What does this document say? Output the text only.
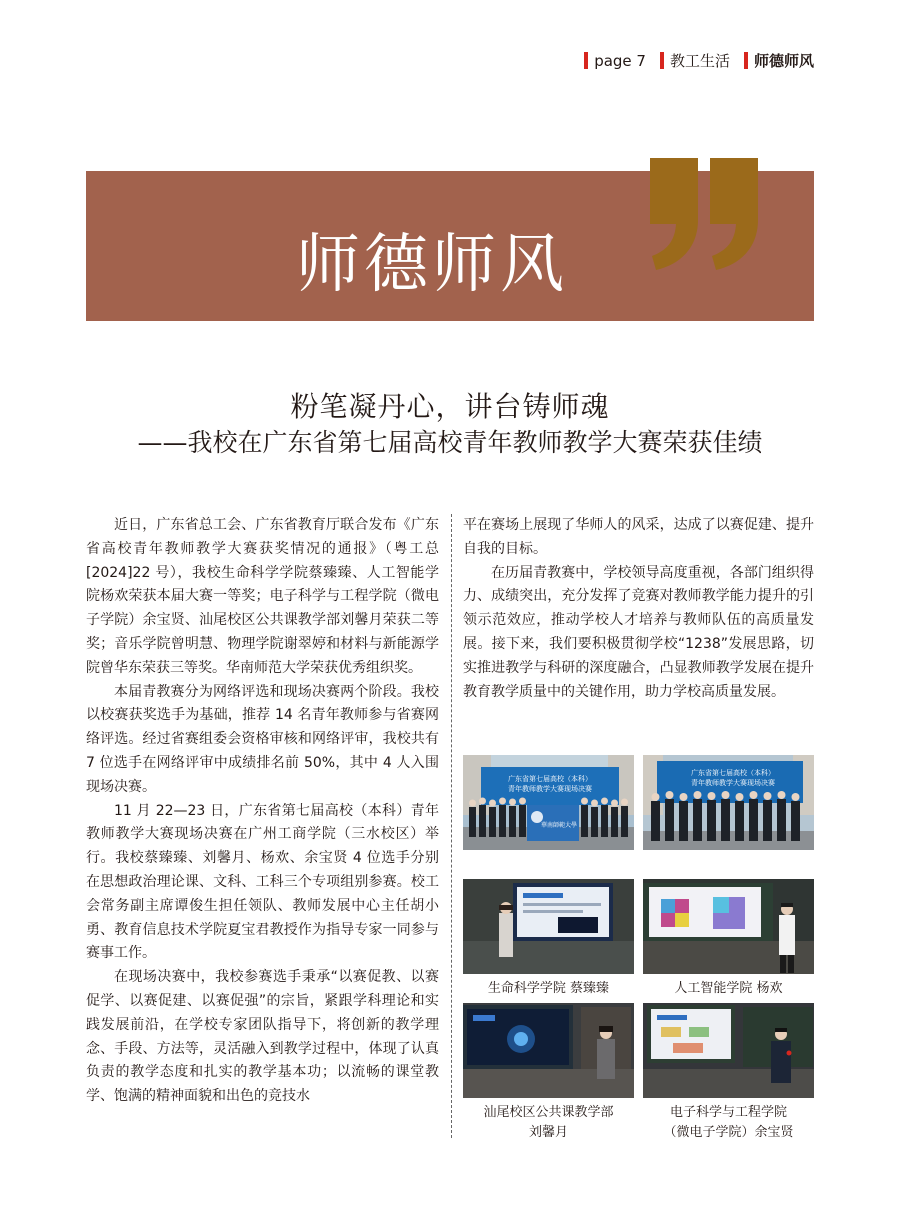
page 7 教工生活 师德师风
师德师风
粉笔凝丹心，讲台铸师魂
——我校在广东省第七届高校青年教师教学大赛荣获佳绩

近日，广东省总工会、广东省教育厅联合发布《广东省高校青年教师教学大赛获奖情况的通报》（粤工总 [2024]22 号），我校生命科学学院蔡臻臻、人工智能学院杨欢荣获本届大赛一等奖；电子科学与工程学院（微电子学院）余宝贤、汕尾校区公共课教学部刘馨月荣获二等奖；音乐学院曾明慧、物理学院谢翠婷和材料与新能源学院曾华东荣获三等奖。华南师范大学荣获优秀组织奖。

本届青教赛分为网络评选和现场决赛两个阶段。我校以校赛获奖选手为基础，推荐 14 名青年教师参与省赛网络评选。经过省赛组委会资格审核和网络评审，我校共有 7 位选手在网络评审中成绩排名前 50%，其中 4 人入围现场决赛。

11 月 22—23 日，广东省第七届高校（本科）青年教师教学大赛现场决赛在广州工商学院（三水校区）举行。我校蔡臻臻、刘馨月、杨欢、余宝贤 4 位选手分别在思想政治理论课、文科、工科三个专项组别参赛。校工会常务副主席谭俊生担任领队、教师发展中心主任胡小勇、教育信息技术学院夏宝君教授作为指导专家一同参与赛事工作。

在现场决赛中，我校参赛选手秉承“以赛促教、以赛促学、以赛促建、以赛促强”的宗旨，紧跟学科理论和实践发展前沿，在学校专家团队指导下，将创新的教学理念、手段、方法等，灵活融入到教学过程中，体现了认真负责的教学态度和扎实的教学基本功；以流畅的课堂教学、饱满的精神面貌和出色的竞技水

平在赛场上展现了华师人的风采，达成了以赛促建、提升自我的目标。

在历届青教赛中，学校领导高度重视，各部门组织得力、成绩突出，充分发挥了竞赛对教师教学能力提升的引领示范效应，推动学校人才培养与教师队伍的高质量发展。接下来，我们要积极贯彻学校“1238”发展思路，切实推进教学与科研的深度融合，凸显教师教学发展在提升教育教学质量中的关键作用，助力学校高质量发展。

广东省第七届高校（本科）
青年教师教学大赛现场决赛
華南師範大學
广东省第七届高校（本科）
青年教师教学大赛现场决赛
生命科学学院 蔡臻臻	人工智能学院 杨欢
汕尾校区公共课教学部
刘馨月
电子科学与工程学院
（微电子学院）余宝贤
